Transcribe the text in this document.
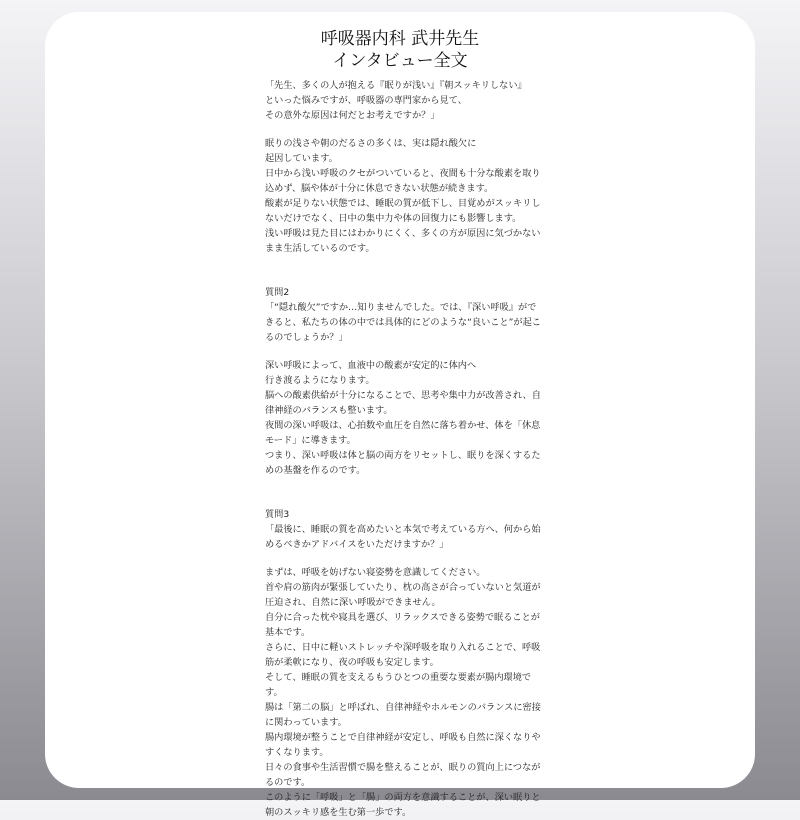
呼吸器内科 武井先生
インタビュー全文
「先生、多くの人が抱える『眠りが浅い』『朝スッキリしない』
といった悩みですが、呼吸器の専門家から見て、
その意外な原因は何だとお考えですか？」
眠りの浅さや朝のだるさの多くは、実は隠れ酸欠に
起因しています。
日中から浅い呼吸のクセがついていると、夜間も十分な酸素を取り
込めず、脳や体が十分に休息できない状態が続きます。
酸素が足りない状態では、睡眠の質が低下し、目覚めがスッキリし
ないだけでなく、日中の集中力や体の回復力にも影響します。
浅い呼吸は見た目にはわかりにくく、多くの方が原因に気づかない
まま生活しているのです。
質問2
「“隠れ酸欠”ですか…知りませんでした。では、『深い呼吸』がで
きると、私たちの体の中では具体的にどのような“良いこと”が起こ
るのでしょうか？」
深い呼吸によって、血液中の酸素が安定的に体内へ
行き渡るようになります。
脳への酸素供給が十分になることで、思考や集中力が改善され、自
律神経のバランスも整います。
夜間の深い呼吸は、心拍数や血圧を自然に落ち着かせ、体を「休息
モード」に導きます。
つまり、深い呼吸は体と脳の両方をリセットし、眠りを深くするた
めの基盤を作るのです。
質問3
「最後に、睡眠の質を高めたいと本気で考えている方へ、何から始
めるべきかアドバイスをいただけますか？」
まずは、呼吸を妨げない寝姿勢を意識してください。
首や肩の筋肉が緊張していたり、枕の高さが合っていないと気道が
圧迫され、自然に深い呼吸ができません。
自分に合った枕や寝具を選び、リラックスできる姿勢で眠ることが
基本です。
さらに、日中に軽いストレッチや深呼吸を取り入れることで、呼吸
筋が柔軟になり、夜の呼吸も安定します。
そして、睡眠の質を支えるもうひとつの重要な要素が腸内環境で
す。
腸は「第二の脳」と呼ばれ、自律神経やホルモンのバランスに密接
に関わっています。
腸内環境が整うことで自律神経が安定し、呼吸も自然に深くなりや
すくなります。
日々の食事や生活習慣で腸を整えることが、眠りの質向上につなが
るのです。
このように「呼吸」と「腸」の両方を意識することが、深い眠りと
朝のスッキリ感を生む第一歩です。
